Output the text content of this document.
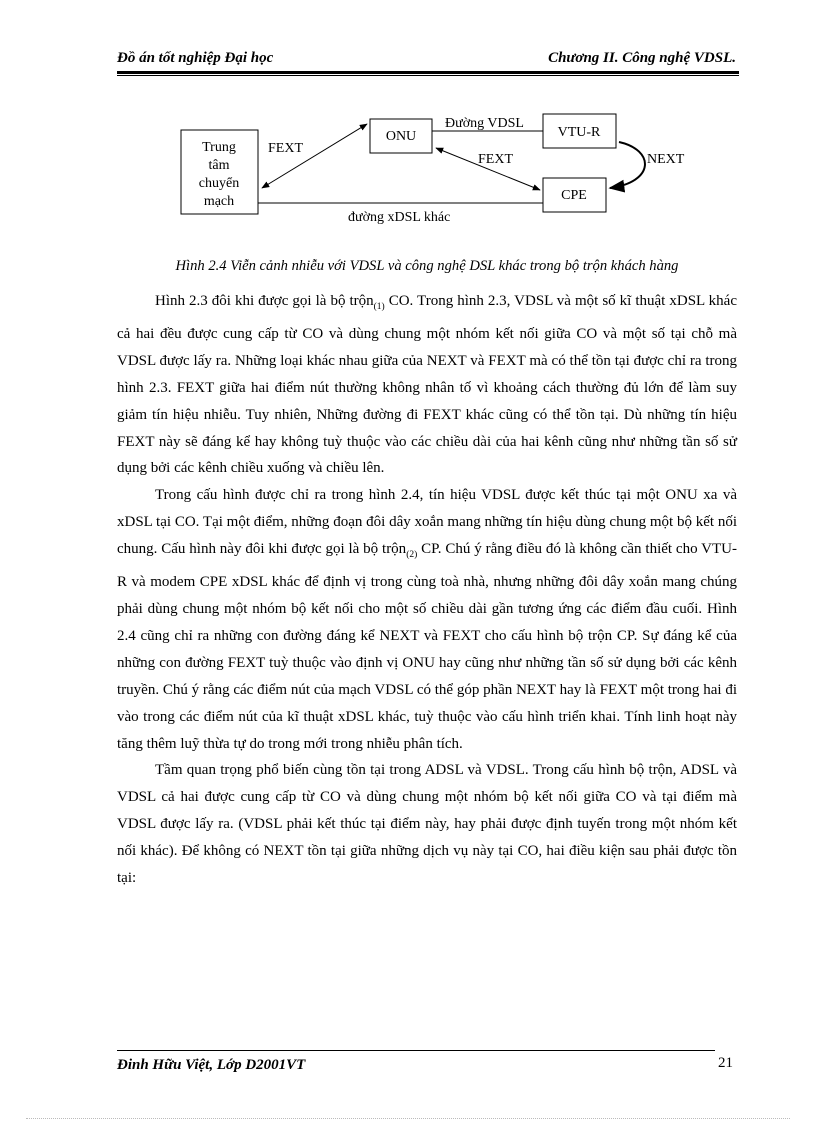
Đồ án tốt nghiệp Đại học	Chương II. Công nghệ VDSL.
Trung
tâm
chuyển
mạch
ONU	VTU-R
CPE
Đường VDSL
đường xDSL khác
FEXT
FEXT	NEXT
Hình 2.4 Viễn cảnh nhiễu với VDSL và công nghệ DSL khác trong bộ trộn khách hàng

Hình 2.3 đôi khi được gọi là bộ trộn$_{(1)}$ CO. Trong hình 2.3, VDSL và một số kĩ thuật xDSL khác cả hai đều được cung cấp từ CO và dùng chung một nhóm kết nối giữa CO và một số tại chỗ mà VDSL được lấy ra. Những loại khác nhau giữa của NEXT và FEXT mà có thể tồn tại được chỉ ra trong hình 2.3. FEXT giữa hai điểm nút thường không nhân tố vì khoảng cách thường đủ lớn để làm suy giảm tín hiệu nhiễu. Tuy nhiên, Những đường đi FEXT khác cũng có thể tồn tại. Dù những tín hiệu FEXT này sẽ đáng kể hay không tuỳ thuộc vào các chiều dài của hai kênh cũng như những tần số sử dụng bởi các kênh chiều xuống và chiều lên.

Trong cấu hình được chỉ ra trong hình 2.4, tín hiệu VDSL được kết thúc tại một ONU xa và xDSL tại CO. Tại một điểm, những đoạn đôi dây xoắn mang những tín hiệu dùng chung một bộ kết nối chung. Cấu hình này đôi khi được gọi là bộ trộn$_{(2)}$ CP. Chú ý rằng điều đó là không cần thiết cho VTU-R và modem CPE xDSL khác để định vị trong cùng toà nhà, nhưng những đôi dây xoắn mang chúng phải dùng chung một nhóm bộ kết nối cho một số chiều dài gần tương ứng các điểm đầu cuối. Hình 2.4 cũng chỉ ra những con đường đáng kể NEXT và FEXT cho cấu hình bộ trộn CP. Sự đáng kể của những con đường FEXT tuỳ thuộc vào định vị ONU hay cũng như những tần số sử dụng bởi các kênh truyền. Chú ý rằng các điểm nút của mạch VDSL có thể góp phần NEXT hay là FEXT một trong hai đi vào trong các điểm nút của kĩ thuật xDSL khác, tuỳ thuộc vào cấu hình triển khai. Tính linh hoạt này tăng thêm luỹ thừa tự do trong mới trong nhiễu phân tích.

Tầm quan trọng phổ biến cùng tồn tại trong ADSL và VDSL. Trong cấu hình bộ trộn, ADSL và VDSL cả hai được cung cấp từ CO và dùng chung một nhóm bộ kết nối giữa CO và tại điểm mà VDSL được lấy ra. (VDSL phải kết thúc tại điểm này, hay phải được định tuyến trong một nhóm kết nối khác). Để không có NEXT tồn tại giữa những dịch vụ này tại CO, hai điều kiện sau phải được tồn tại:

Đinh Hữu Việt, Lớp D2001VT	21
